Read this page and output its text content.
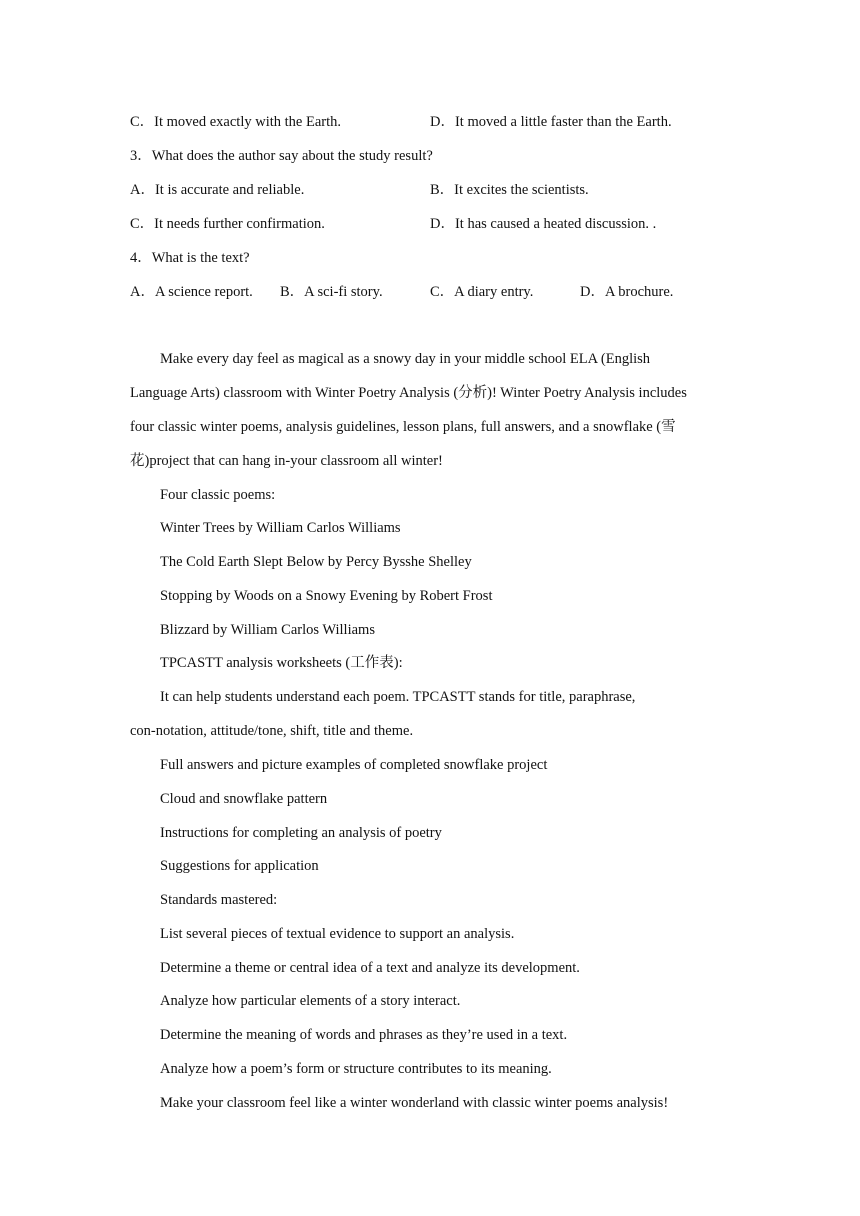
C．It moved exactly with the Earth.	D．It moved a little faster than the Earth.
3．What does the author say about the study result?
A．It is accurate and reliable.	B．It excites the scientists.
C．It needs further confirmation.	D．It has caused a heated discussion. .
4．What is the text?
A．A science report. B．A sci-fi story.	C．A diary entry.	D．A brochure.
Make every day feel as magical as a snowy day in your middle school ELA (English
Language Arts) classroom with Winter Poetry Analysis (分析)! Winter Poetry Analysis includes
four classic winter poems, analysis guidelines, lesson plans, full answers, and a snowflake (雪
花)project that can hang in-your classroom all winter!
Four classic poems:
Winter Trees by William Carlos Williams
The Cold Earth Slept Below by Percy Bysshe Shelley
Stopping by Woods on a Snowy Evening by Robert Frost
Blizzard by William Carlos Williams
TPCASTT analysis worksheets (工作表):
It can help students understand each poem. TPCASTT stands for title, paraphrase,
con-notation, attitude/tone, shift, title and theme.
Full answers and picture examples of completed snowflake project
Cloud and snowflake pattern
Instructions for completing an analysis of poetry
Suggestions for application
Standards mastered:
List several pieces of textual evidence to support an analysis.
Determine a theme or central idea of a text and analyze its development.
Analyze how particular elements of a story interact.
Determine the meaning of words and phrases as they’re used in a text.
Analyze how a poem’s form or structure contributes to its meaning.
Make your classroom feel like a winter wonderland with classic winter poems analysis!
